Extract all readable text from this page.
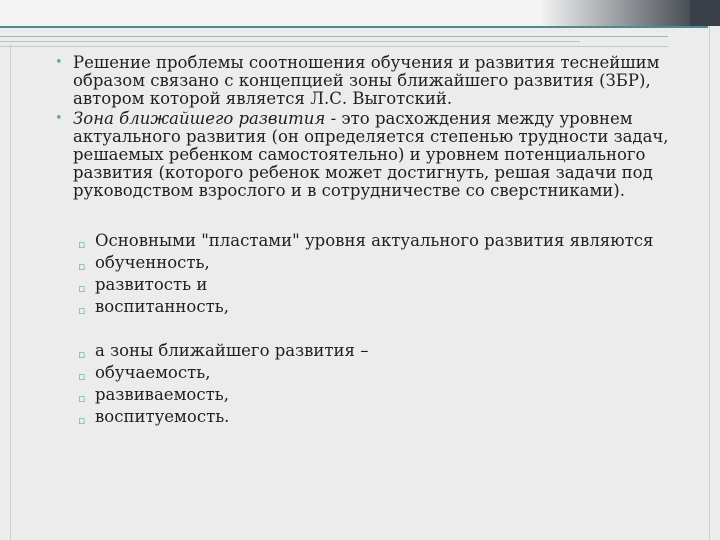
• Решение проблемы соотношения обучения и развития теснейшим образом связано с концепцией зоны ближайшего развития (ЗБР), автором которой является Л.С. Выготский.
• Зона ближайшего развития - это расхождения между уровнем актуального развития (он определяется степенью трудности задач, решаемых ребенком самостоятельно) и уровнем потенциального развития (которого ребенок может достигнуть, решая задачи под руководством взрослого и в сотрудничестве со сверстниками).
▫ Основными "пластами" уровня актуального развития являются
▫ обученность,
▫ развитость и
▫ воспитанность,
▫ а зоны ближайшего развития –
▫ обучаемость,
▫ развиваемость,
▫ воспитуемость.
